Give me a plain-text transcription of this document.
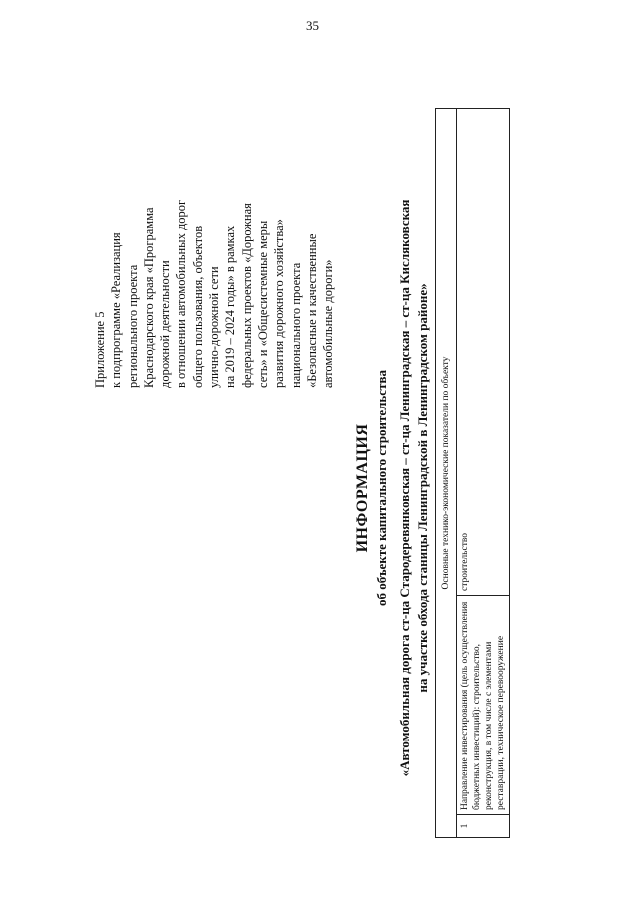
35
Приложение 5 к подпрограмме «Реализация регионального проекта Краснодарского края «Программа дорожной деятельности в отношении автомобильных дорог общего пользования, объектов улично-дорожной сети на 2019 – 2024 годы» в рамках федеральных проектов «Дорожная сеть» и «Общесистемные меры развития дорожного хозяйства» национального проекта «Безопасные и качественные автомобильные дороги»
ИНФОРМАЦИЯ об объекте капитального строительства «Автомобильная дорога ст-ца Стародеревянковская – ст-ца Ленинградская – ст-ца Кисляковская на участке обхода станицы Ленинградской в Ленинградском районе» Основные технико-экономические показатели по объекту
1	Направление инвестирования (цель осуществления бюджетных инвестиций): строительство, реконструкция, в том числе с элементами реставрации, техническое перевооружение	строительство
